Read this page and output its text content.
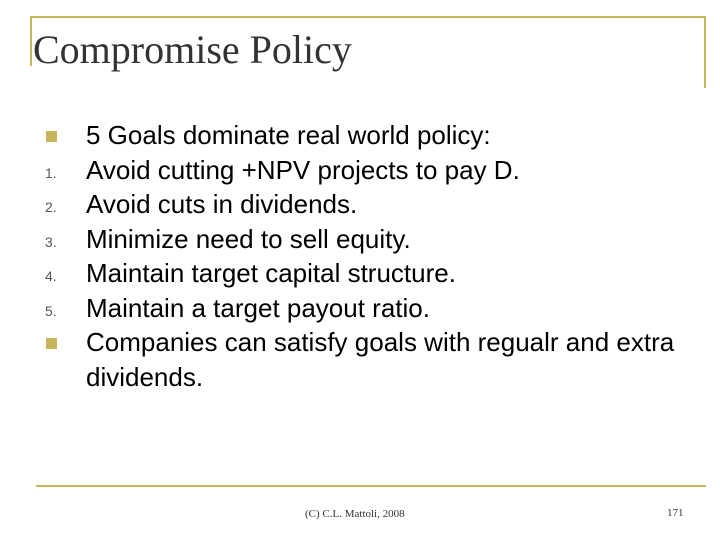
Compromise Policy
5 Goals dominate real world policy:
1. Avoid cutting +NPV projects to pay D.
2. Avoid cuts in dividends.
3. Minimize need to sell equity.
4. Maintain target capital structure.
5. Maintain a target payout ratio.
Companies can satisfy goals with regualr and extra dividends.
(C) C.L. Mattoli, 2008	171
